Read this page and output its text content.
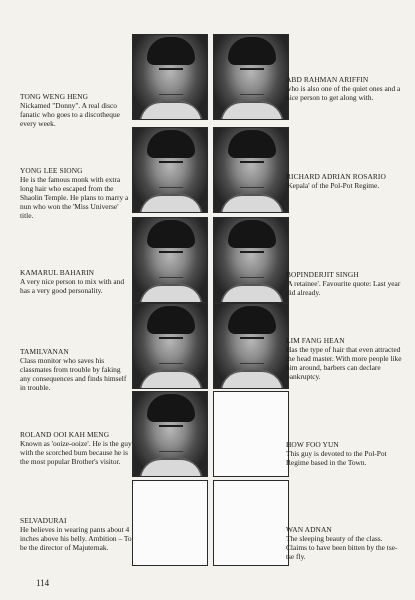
TONG WENG HENG

Nickamed "Donny". A real disco fanatic who goes to a discotheque every week.

YONG LEE SIONG

He is the famous monk with extra long hair who escaped from the Shaolin Temple. He plans to marry a nun who won the 'Miss Universe' title.

KAMARUL BAHARIN

A very nice person to mix with and has a very good personality.

TAMILVANAN

Class monitor who saves his classmates from trouble by faking any consequences and finds himself in trouble.

ROLAND OOI KAH MENG

Known as 'ooize-ooize'. He is the guy with the scorched bum because he is the most popular Brother's visitor.

SELVADURAI

He believes in wearing pants about 4 inches above his belly. Ambition – To be the director of Majuternak.

ABD RAHMAN ARIFFIN

who is also one of the quiet ones and a nice person to get along with.

RICHARD ADRIAN ROSARIO

'Kepala' of the Pol-Pot Regime.

BOPINDERJIT SINGH

'A retainee'. Favourite quote: Last year did already.

LIM FANG HEAN

Has the type of hair that even attracted the head master. With more people like him around, barbers can declare bankruptcy.

HOW FOO YUN

This guy is devoted to the Pol-Pot Regime based in the Town.

WAN ADNAN

The sleeping beauty of the class. Claims to have been bitten by the tse-tse fly.

114
